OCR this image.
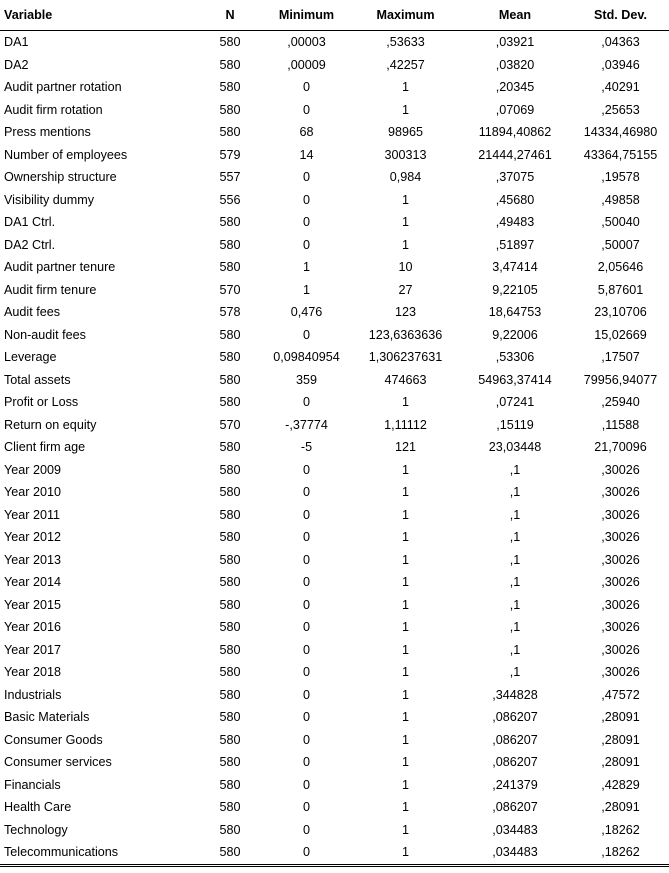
Variable	N	Minimum	Maximum	Mean	Std. Dev.
DA1	580	,00003	,53633	,03921	,04363
DA2	580	,00009	,42257	,03820	,03946
Audit partner rotation	580	0	1	,20345	,40291
Audit firm rotation	580	0	1	,07069	,25653
Press mentions	580	68	98965	11894,40862	14334,46980
Number of employees	579	14	300313	21444,27461	43364,75155
Ownership structure	557	0	0,984	,37075	,19578
Visibility dummy	556	0	1	,45680	,49858
DA1 Ctrl.	580	0	1	,49483	,50040
DA2 Ctrl.	580	0	1	,51897	,50007
Audit partner tenure	580	1	10	3,47414	2,05646
Audit firm tenure	570	1	27	9,22105	5,87601
Audit fees	578	0,476	123	18,64753	23,10706
Non-audit fees	580	0	123,6363636	9,22006	15,02669
Leverage	580	0,09840954	1,306237631	,53306	,17507
Total assets	580	359	474663	54963,37414	79956,94077
Profit or Loss	580	0	1	,07241	,25940
Return on equity	570	-,37774	1,11112	,15119	,11588
Client firm age	580	-5	121	23,03448	21,70096
Year 2009	580	0	1	,1	,30026
Year 2010	580	0	1	,1	,30026
Year 2011	580	0	1	,1	,30026
Year 2012	580	0	1	,1	,30026
Year 2013	580	0	1	,1	,30026
Year 2014	580	0	1	,1	,30026
Year 2015	580	0	1	,1	,30026
Year 2016	580	0	1	,1	,30026
Year 2017	580	0	1	,1	,30026
Year 2018	580	0	1	,1	,30026
Industrials	580	0	1	,344828	,47572
Basic Materials	580	0	1	,086207	,28091
Consumer Goods	580	0	1	,086207	,28091
Consumer services	580	0	1	,086207	,28091
Financials	580	0	1	,241379	,42829
Health Care	580	0	1	,086207	,28091
Technology	580	0	1	,034483	,18262
Telecommunications	580	0	1	,034483	,18262
